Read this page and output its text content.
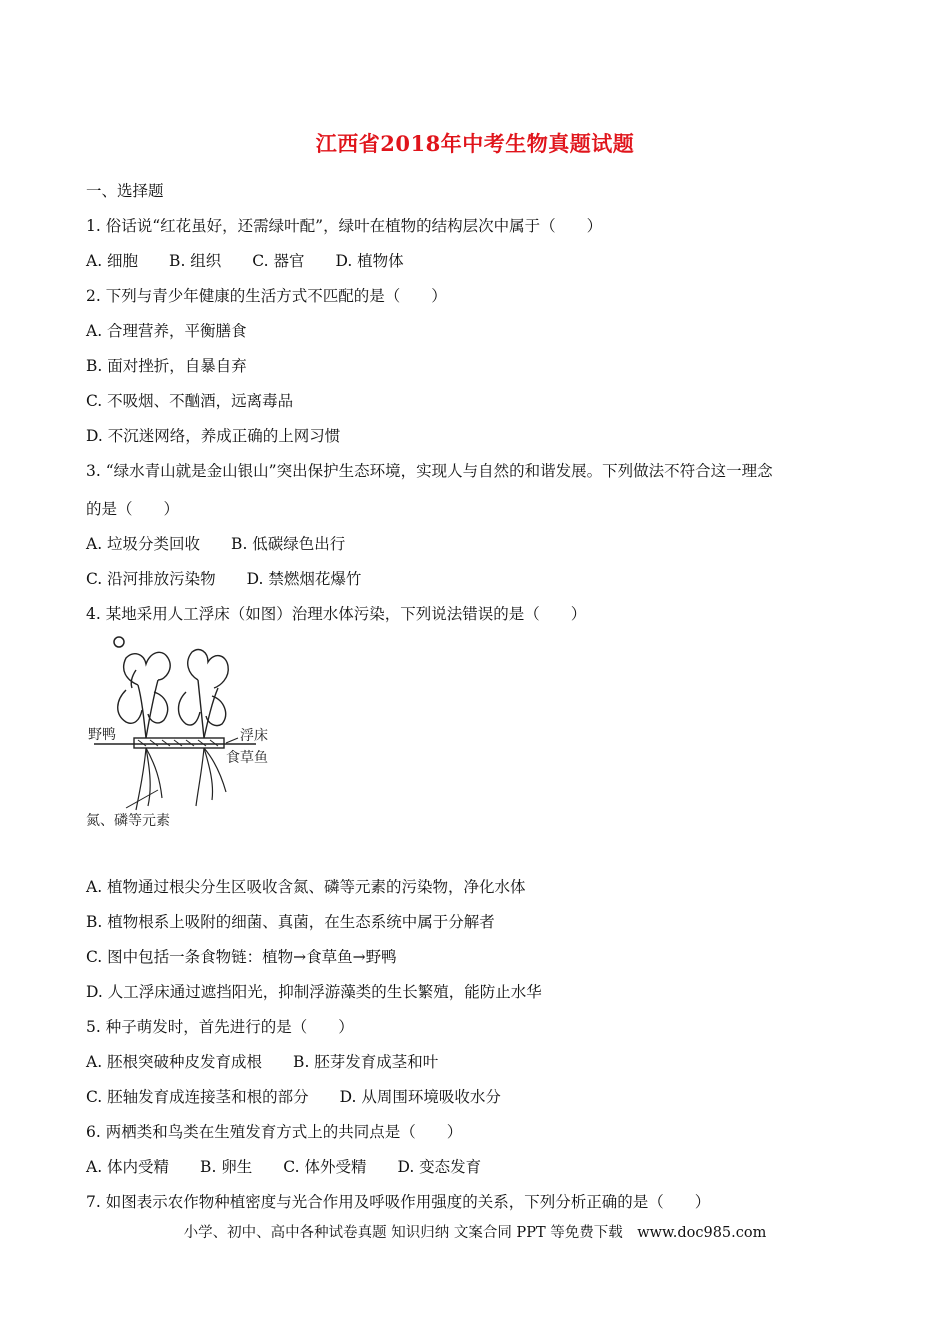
江西省2018年中考生物真题试题
一、选择题
1. 俗话说“红花虽好，还需绿叶配”，绿叶在植物的结构层次中属于（　　）
A. 细胞　　B. 组织　　C. 器官　　D. 植物体
2. 下列与青少年健康的生活方式不匹配的是（　　）
A. 合理营养，平衡膳食
B. 面对挫折，自暴自弃
C. 不吸烟、不酗酒，远离毒品
D. 不沉迷网络，养成正确的上网习惯
3. “绿水青山就是金山银山”突出保护生态环境，实现人与自然的和谐发展。下列做法不符合这一理念
的是（　　）
A. 垃圾分类回收　　B. 低碳绿色出行
C. 沿河排放污染物　　D. 禁燃烟花爆竹
4. 某地采用人工浮床（如图）治理水体污染，下列说法错误的是（　　）
野鸭	浮床
食草鱼
氮、磷等元素
A. 植物通过根尖分生区吸收含氮、磷等元素的污染物，净化水体
B. 植物根系上吸附的细菌、真菌，在生态系统中属于分解者
C. 图中包括一条食物链：植物→食草鱼→野鸭
D. 人工浮床通过遮挡阳光，抑制浮游藻类的生长繁殖，能防止水华
5. 种子萌发时，首先进行的是（　　）
A. 胚根突破种皮发育成根　　B. 胚芽发育成茎和叶
C. 胚轴发育成连接茎和根的部分　　D. 从周围环境吸收水分
6. 两栖类和鸟类在生殖发育方式上的共同点是（　　）
A. 体内受精　　B. 卵生　　C. 体外受精　　D. 变态发育
7. 如图表示农作物种植密度与光合作用及呼吸作用强度的关系，下列分析正确的是（　　）
小学、初中、高中各种试卷真题 知识归纳 文案合同 PPT 等免费下载　www.doc985.com
